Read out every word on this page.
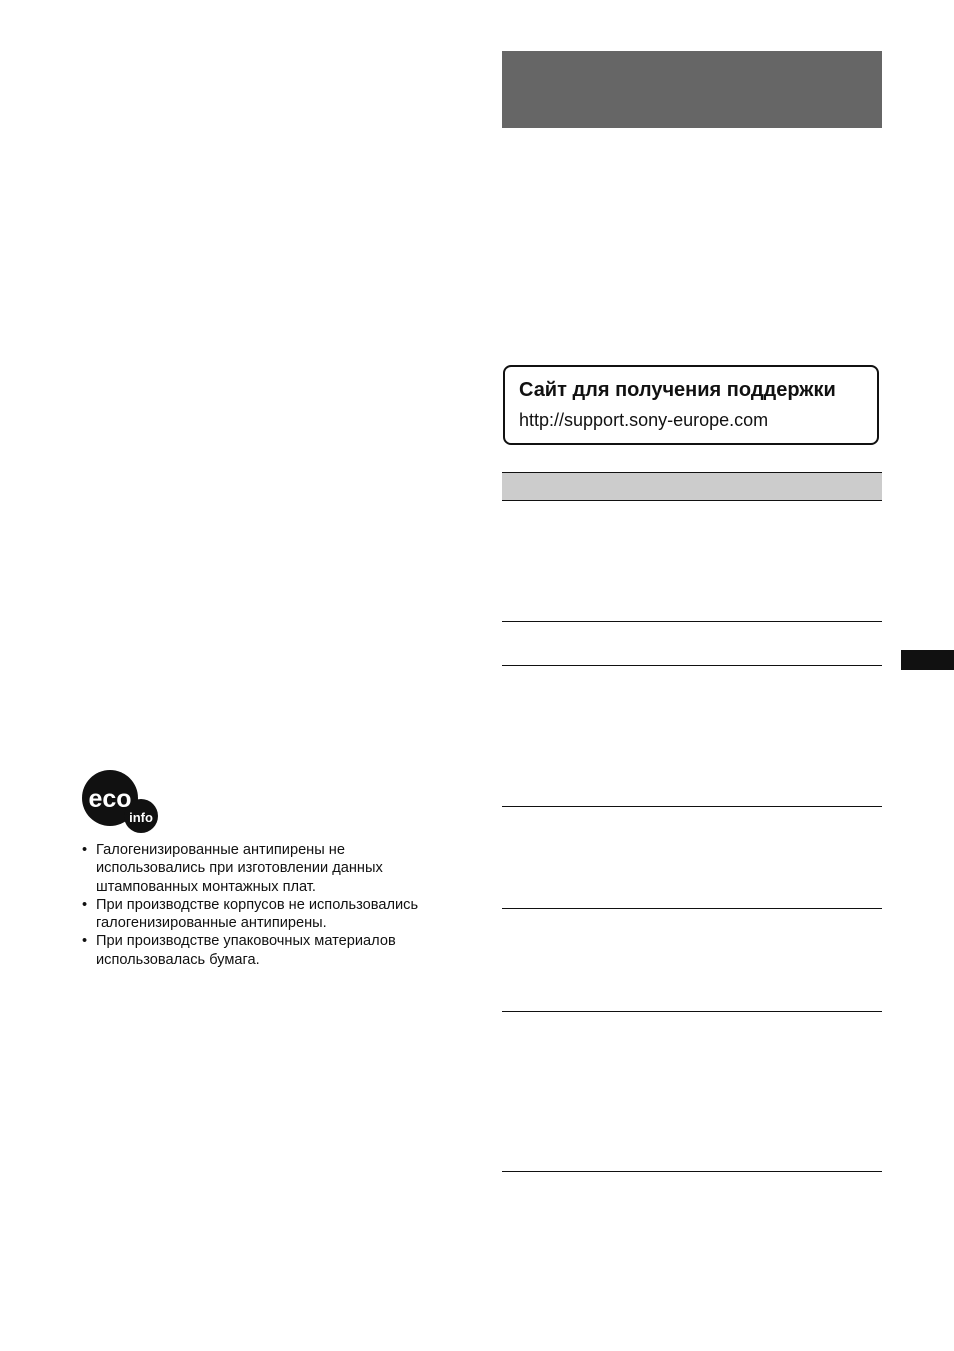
Сайт для получения поддержки
http://support.sony-europe.com
eco
info
• Галогенизированные антипирены не
использовались при изготовлении данных
штампованных монтажных плат.
• При производстве корпусов не использовались
галогенизированные антипирены.
• При производстве упаковочных материалов
использовалась бумага.
